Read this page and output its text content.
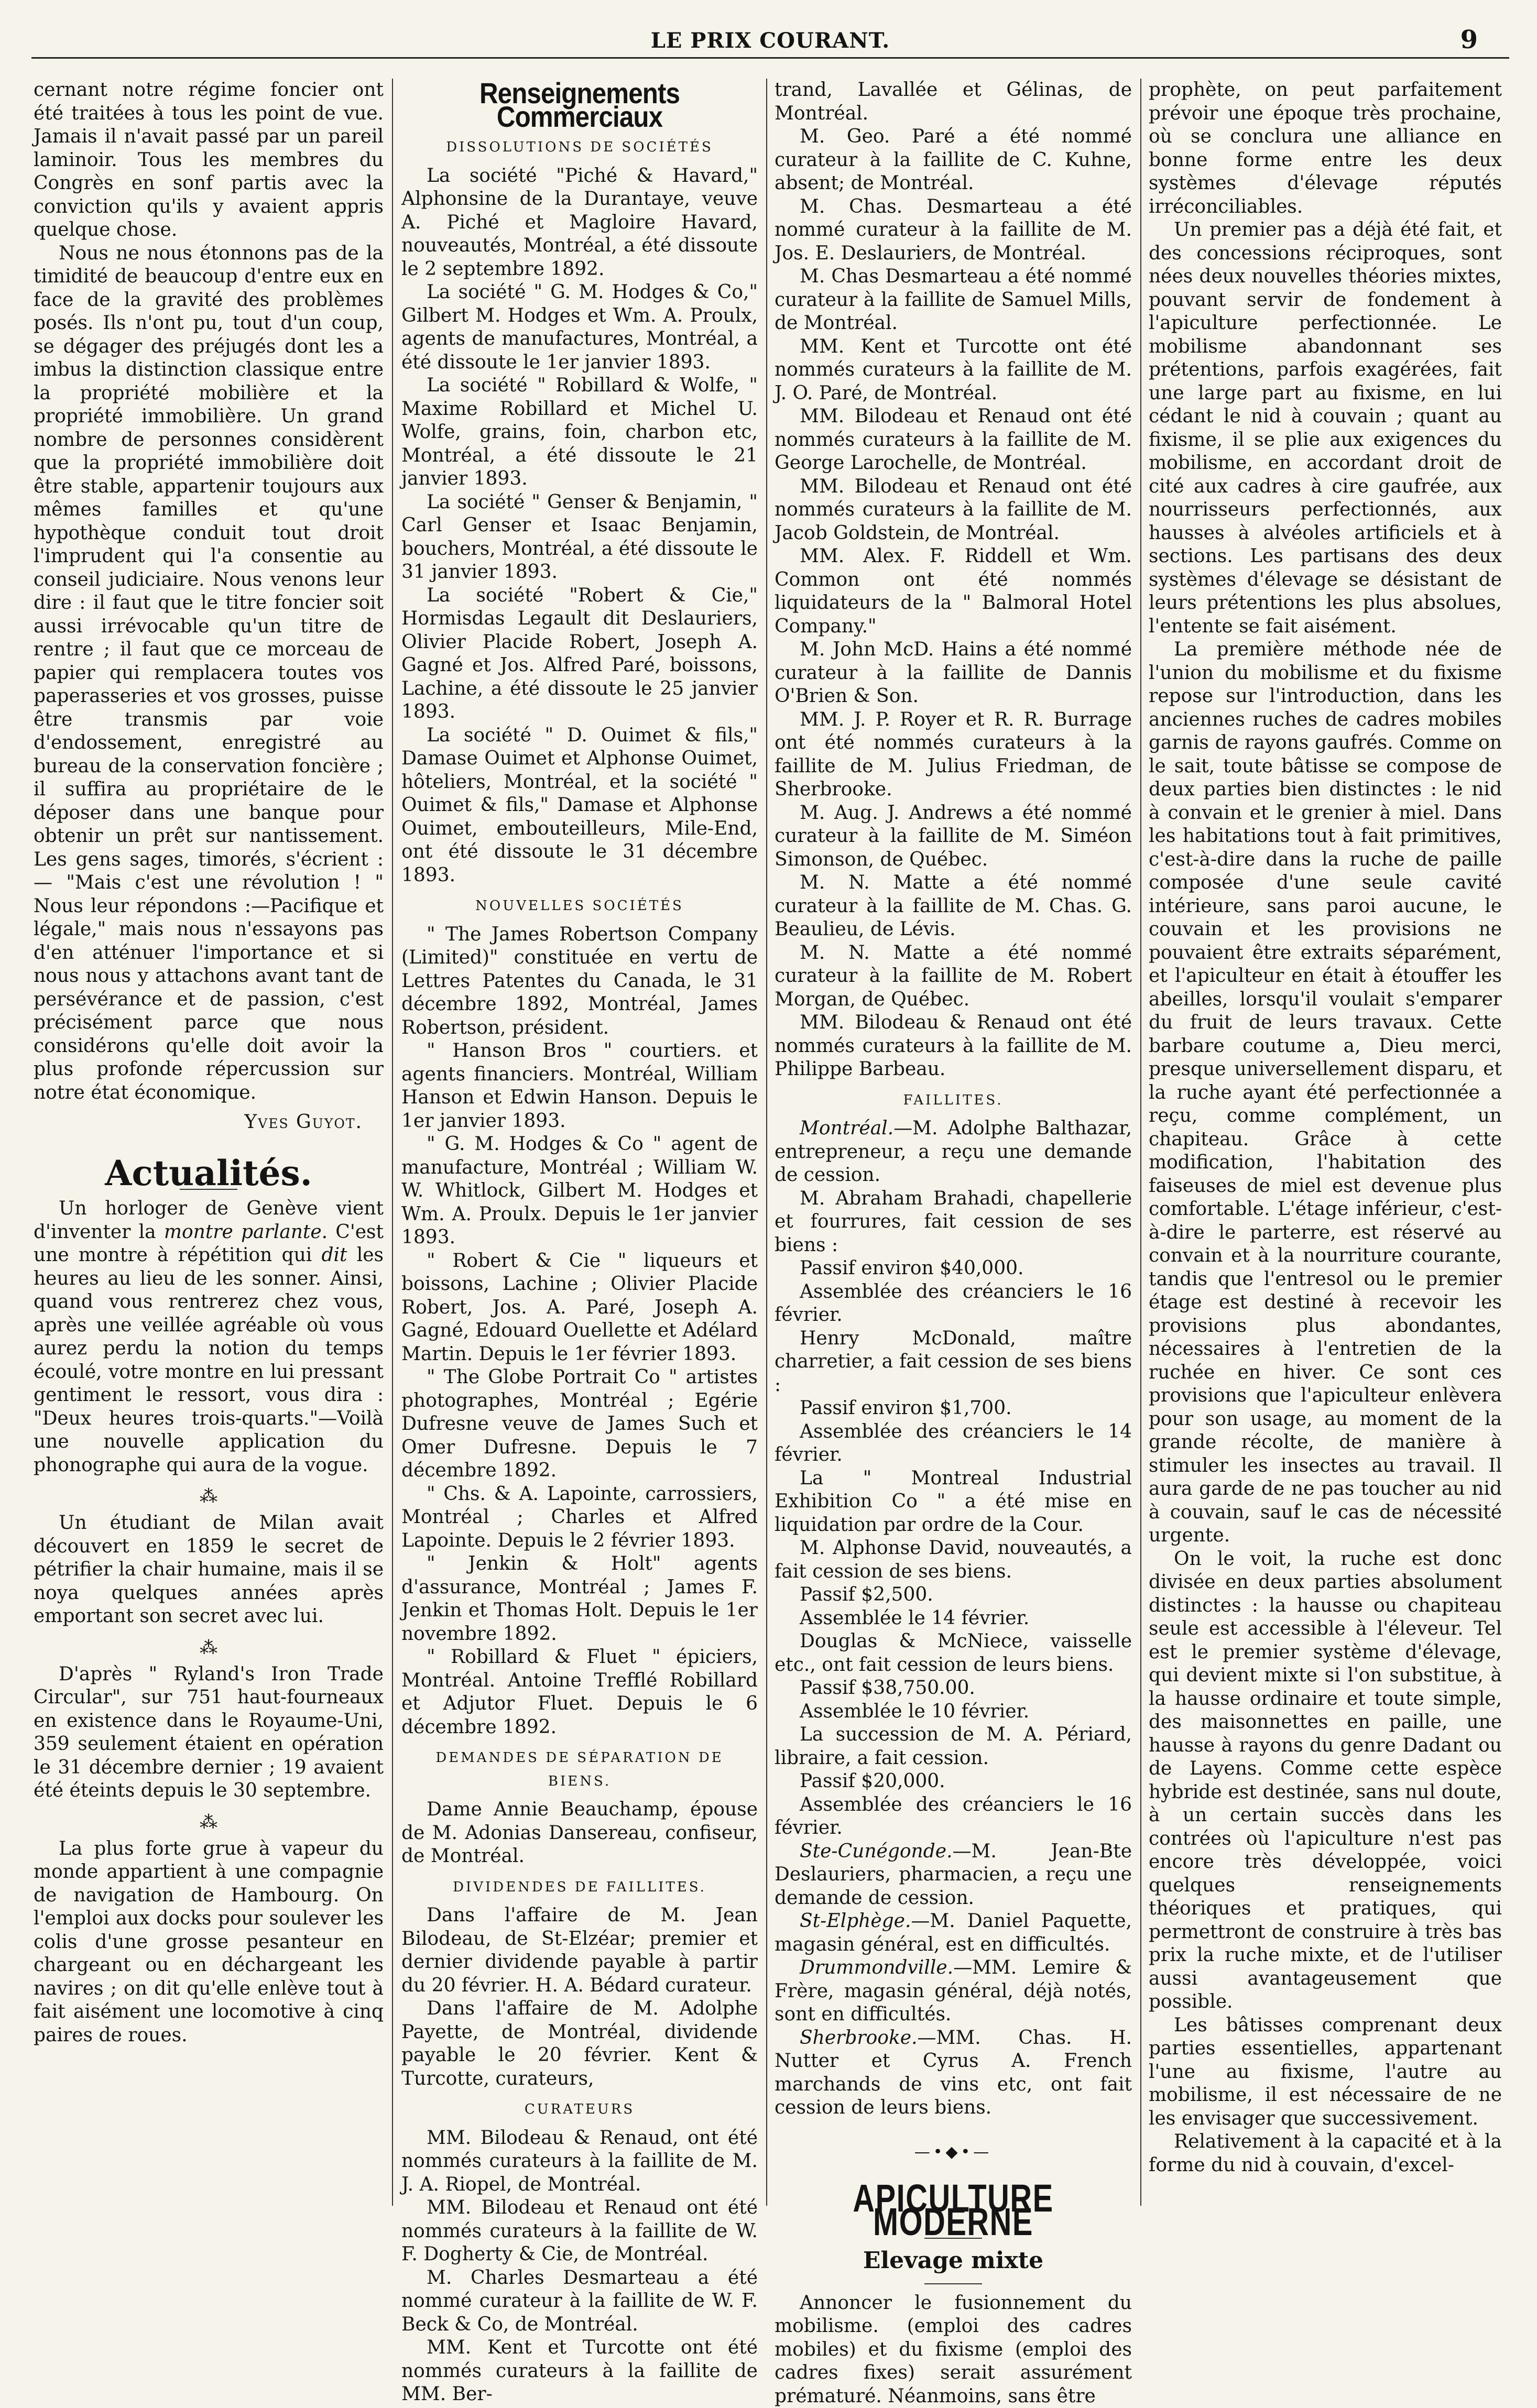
LE PRIX COURANT.	9

cernant notre régime foncier ont été traitées à tous les point de vue. Jamais il n'avait passé par un pareil laminoir. Tous les membres du Congrès en sonf partis avec la conviction qu'ils y avaient appris quelque chose.

Nous ne nous étonnons pas de la timidité de beaucoup d'entre eux en face de la gravité des problèmes posés. Ils n'ont pu, tout d'un coup, se dégager des préjugés dont les a imbus la distinction classique entre la propriété mobilière et la propriété immobilière. Un grand nombre de personnes considèrent que la propriété immobilière doit être stable, appartenir toujours aux mêmes familles et qu'une hypothèque conduit tout droit l'imprudent qui l'a consentie au conseil judiciaire. Nous venons leur dire : il faut que le titre foncier soit aussi irrévocable qu'un titre de rentre ; il faut que ce morceau de papier qui remplacera toutes vos paperasseries et vos grosses, puisse être transmis par voie d'endossement, enregistré au bureau de la conservation foncière ; il suffira au propriétaire de le déposer dans une banque pour obtenir un prêt sur nantissement. Les gens sages, timorés, s'écrient :— "Mais c'est une révolution ! " Nous leur répondons :—Pacifique et légale," mais nous n'essayons pas d'en atténuer l'importance et si nous nous y attachons avant tant de persévérance et de passion, c'est précisément parce que nous considérons qu'elle doit avoir la plus profonde répercussion sur notre état économique.

Yves Guyot.
Actualités.

Un horloger de Genève vient d'inventer la montre parlante. C'est une montre à répétition qui dit les heures au lieu de les sonner. Ainsi, quand vous rentrerez chez vous, après une veillée agréable où vous aurez perdu la notion du temps écoulé, votre montre en lui pressant gentiment le ressort, vous dira : "Deux heures trois-quarts."—Voilà une nouvelle application du phonographe qui aura de la vogue.

⁂

Un étudiant de Milan avait découvert en 1859 le secret de pétrifier la chair humaine, mais il se noya quelques années après emportant son secret avec lui.

⁂

D'après " Ryland's Iron Trade Circular", sur 751 haut-fourneaux en existence dans le Royaume-Uni, 359 seulement étaient en opération le 31 décembre dernier ; 19 avaient été éteints depuis le 30 septembre.

⁂

La plus forte grue à vapeur du monde appartient à une compagnie de navigation de Hambourg. On l'emploi aux docks pour soulever les colis d'une grosse pesanteur en chargeant ou en déchargeant les navires ; on dit qu'elle enlève tout à fait aisément une locomotive à cinq paires de roues.

Renseignements Commerciaux
DISSOLUTIONS DE SOCIÉTÉS

La société "Piché & Havard," Alphonsine de la Durantaye, veuve A. Piché et Magloire Havard, nouveautés, Montréal, a été dissoute le 2 septembre 1892.

La société " G. M. Hodges & Co," Gilbert M. Hodges et Wm. A. Proulx, agents de manufactures, Montréal, a été dissoute le 1er janvier 1893.

La société " Robillard & Wolfe, " Maxime Robillard et Michel U. Wolfe, grains, foin, charbon etc, Montréal, a été dissoute le 21 janvier 1893.

La société " Genser & Benjamin, " Carl Genser et Isaac Benjamin, bouchers, Montréal, a été dissoute le 31 janvier 1893.

La société "Robert & Cie," Hormisdas Legault dit Deslauriers, Olivier Placide Robert, Joseph A. Gagné et Jos. Alfred Paré, boissons, Lachine, a été dissoute le 25 janvier 1893.

La société " D. Ouimet & fils," Damase Ouimet et Alphonse Ouimet, hôteliers, Montréal, et la société " Ouimet & fils," Damase et Alphonse Ouimet, embouteilleurs, Mile-End, ont été dissoute le 31 décembre 1893.

NOUVELLES SOCIÉTÉS

" The James Robertson Company (Limited)" constituée en vertu de Lettres Patentes du Canada, le 31 décembre 1892, Montréal, James Robertson, président.

" Hanson Bros " courtiers. et agents financiers. Montréal, William Hanson et Edwin Hanson. Depuis le 1er janvier 1893.

" G. M. Hodges & Co " agent de manufacture, Montréal ; William W. W. Whitlock, Gilbert M. Hodges et Wm. A. Proulx. Depuis le 1er janvier 1893.

" Robert & Cie " liqueurs et boissons, Lachine ; Olivier Placide Robert, Jos. A. Paré, Joseph A. Gagné, Edouard Ouellette et Adélard Martin. Depuis le 1er février 1893.

" The Globe Portrait Co " artistes photographes, Montréal ; Egérie Dufresne veuve de James Such et Omer Dufresne. Depuis le 7 décembre 1892.

" Chs. & A. Lapointe, carrossiers, Montréal ; Charles et Alfred Lapointe. Depuis le 2 février 1893.

" Jenkin & Holt" agents d'assurance, Montréal ; James F. Jenkin et Thomas Holt. Depuis le 1er novembre 1892.

" Robillard & Fluet " épiciers, Montréal. Antoine Trefflé Robillard et Adjutor Fluet. Depuis le 6 décembre 1892.

DEMANDES DE SÉPARATION DE BIENS.

Dame Annie Beauchamp, épouse de M. Adonias Dansereau, confiseur, de Montréal.

DIVIDENDES DE FAILLITES.

Dans l'affaire de M. Jean Bilodeau, de St-Elzéar; premier et dernier dividende payable à partir du 20 février. H. A. Bédard curateur.

Dans l'affaire de M. Adolphe Payette, de Montréal, dividende payable le 20 février. Kent & Turcotte, curateurs,

CURATEURS

MM. Bilodeau & Renaud, ont été nommés curateurs à la faillite de M. J. A. Riopel, de Montréal.

MM. Bilodeau et Renaud ont été nommés curateurs à la faillite de W. F. Dogherty & Cie, de Montréal.

M. Charles Desmarteau a été nommé curateur à la faillite de W. F. Beck & Co, de Montréal.

MM. Kent et Turcotte ont été nommés curateurs à la faillite de MM. Ber-

trand, Lavallée et Gélinas, de Montréal.

M. Geo. Paré a été nommé curateur à la faillite de C. Kuhne, absent; de Montréal.

M. Chas. Desmarteau a été nommé curateur à la faillite de M. Jos. E. Deslauriers, de Montréal.

M. Chas Desmarteau a été nommé curateur à la faillite de Samuel Mills, de Montréal.

MM. Kent et Turcotte ont été nommés curateurs à la faillite de M. J. O. Paré, de Montréal.

MM. Bilodeau et Renaud ont été nommés curateurs à la faillite de M. George Larochelle, de Montréal.

MM. Bilodeau et Renaud ont été nommés curateurs à la faillite de M. Jacob Goldstein, de Montréal.

MM. Alex. F. Riddell et Wm. Common ont été nommés liquidateurs de la " Balmoral Hotel Company."

M. John McD. Hains a été nommé curateur à la faillite de Dannis O'Brien & Son.

MM. J. P. Royer et R. R. Burrage ont été nommés curateurs à la faillite de M. Julius Friedman, de Sherbrooke.

M. Aug. J. Andrews a été nommé curateur à la faillite de M. Siméon Simonson, de Québec.

M. N. Matte a été nommé curateur à la faillite de M. Chas. G. Beaulieu, de Lévis.

M. N. Matte a été nommé curateur à la faillite de M. Robert Morgan, de Québec.

MM. Bilodeau & Renaud ont été nommés curateurs à la faillite de M. Philippe Barbeau.

FAILLITES.

Montréal.—M. Adolphe Balthazar, entrepreneur, a reçu une demande de cession.

M. Abraham Brahadi, chapellerie et fourrures, fait cession de ses biens :

Passif environ $40,000.

Assemblée des créanciers le 16 février.

Henry McDonald, maître charretier, a fait cession de ses biens :

Passif environ $1,700.

Assemblée des créanciers le 14 février.

La " Montreal Industrial Exhibition Co " a été mise en liquidation par ordre de la Cour.

M. Alphonse David, nouveautés, a fait cession de ses biens.

Passif $2,500.

Assemblée le 14 février.

Douglas & McNiece, vaisselle etc., ont fait cession de leurs biens.

Passif $38,750.00.

Assemblée le 10 février.

La succession de M. A. Périard, libraire, a fait cession.

Passif $20,000.

Assemblée des créanciers le 16 février.

Ste-Cunégonde.—M. Jean-Bte Deslauriers, pharmacien, a reçu une demande de cession.

St-Elphège.—M. Daniel Paquette, magasin général, est en difficultés.

Drummondville.—MM. Lemire & Frère, magasin général, déjà notés, sont en difficultés.

Sherbrooke.—MM. Chas. H. Nutter et Cyrus A. French marchands de vins etc, ont fait cession de leurs biens.

—•◆•—
APICULTURE MODERNE
Elevage mixte

Annoncer le fusionnement du mobilisme. (emploi des cadres mobiles) et du fixisme (emploi des cadres fixes) serait assurément prématuré. Néanmoins, sans être

prophète, on peut parfaitement prévoir une époque très prochaine, où se conclura une alliance en bonne forme entre les deux systèmes d'élevage réputés irréconciliables.

Un premier pas a déjà été fait, et des concessions réciproques, sont nées deux nouvelles théories mixtes, pouvant servir de fondement à l'apiculture perfectionnée. Le mobilisme abandonnant ses prétentions, parfois exagérées, fait une large part au fixisme, en lui cédant le nid à couvain ; quant au fixisme, il se plie aux exigences du mobilisme, en accordant droit de cité aux cadres à cire gaufrée, aux nourrisseurs perfectionnés, aux hausses à alvéoles artificiels et à sections. Les partisans des deux systèmes d'élevage se désistant de leurs prétentions les plus absolues, l'entente se fait aisément.

La première méthode née de l'union du mobilisme et du fixisme repose sur l'introduction, dans les anciennes ruches de cadres mobiles garnis de rayons gaufrés. Comme on le sait, toute bâtisse se compose de deux parties bien distinctes : le nid à convain et le grenier à miel. Dans les habitations tout à fait primitives, c'est-à-dire dans la ruche de paille composée d'une seule cavité intérieure, sans paroi aucune, le couvain et les provisions ne pouvaient être extraits séparément, et l'apiculteur en était à étouffer les abeilles, lorsqu'il voulait s'emparer du fruit de leurs travaux. Cette barbare coutume a, Dieu merci, presque universellement disparu, et la ruche ayant été perfectionnée a reçu, comme complément, un chapiteau. Grâce à cette modification, l'habitation des faiseuses de miel est devenue plus comfortable. L'étage inférieur, c'est-à-dire le parterre, est réservé au convain et à la nourriture courante, tandis que l'entresol ou le premier étage est destiné à recevoir les provisions plus abondantes, nécessaires à l'entretien de la ruchée en hiver. Ce sont ces provisions que l'apiculteur enlèvera pour son usage, au moment de la grande récolte, de manière à stimuler les insectes au travail. Il aura garde de ne pas toucher au nid à couvain, sauf le cas de nécessité urgente.

On le voit, la ruche est donc divisée en deux parties absolument distinctes : la hausse ou chapiteau seule est accessible à l'éleveur. Tel est le premier système d'élevage, qui devient mixte si l'on substitue, à la hausse ordinaire et toute simple, des maisonnettes en paille, une hausse à rayons du genre Dadant ou de Layens. Comme cette espèce hybride est destinée, sans nul doute, à un certain succès dans les contrées où l'apiculture n'est pas encore très développée, voici quelques renseignements théoriques et pratiques, qui permettront de construire à très bas prix la ruche mixte, et de l'utiliser aussi avantageusement que possible.

Les bâtisses comprenant deux parties essentielles, appartenant l'une au fixisme, l'autre au mobilisme, il est nécessaire de ne les envisager que successivement.

Relativement à la capacité et à la forme du nid à couvain, d'excel-
